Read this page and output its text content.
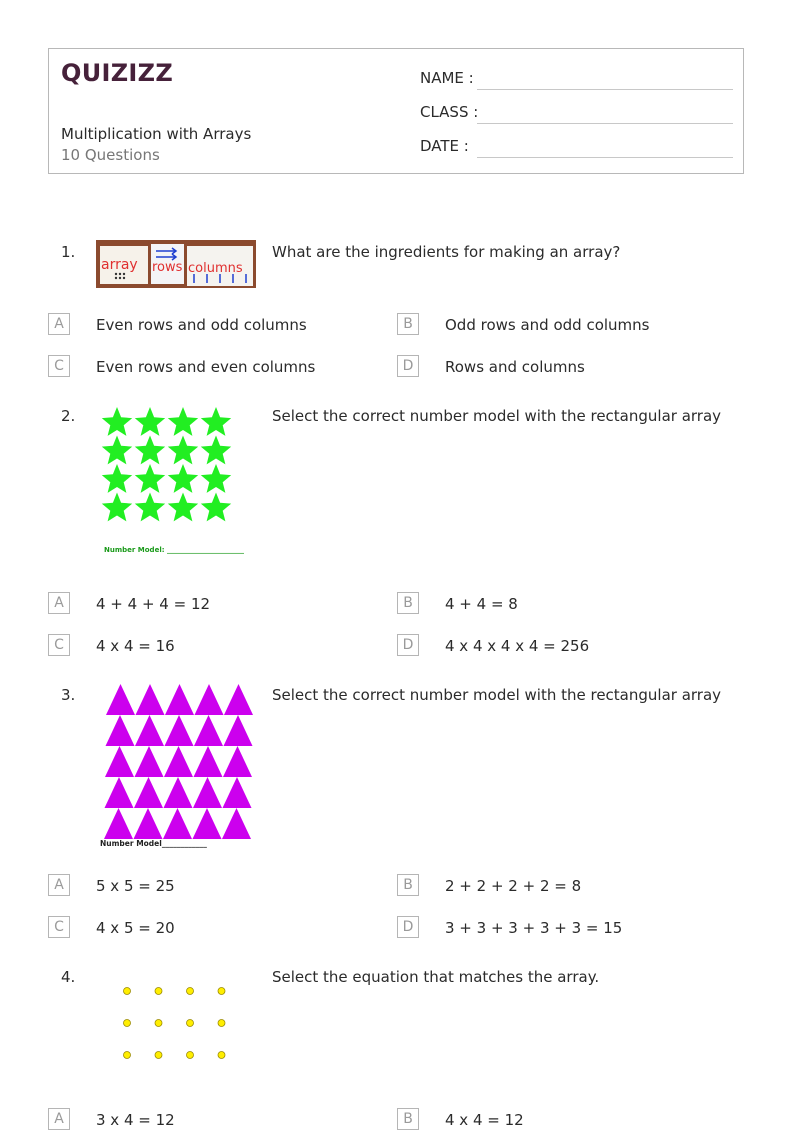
QUIZIZZ
Multiplication with Arrays
10 Questions
NAME :
CLASS :
DATE :
1.
array rows columns
What are the ingredients for making an array?
A	Even rows and odd columns	B	Odd rows and odd columns
C	Even rows and even columns	D	Rows and columns
2.
Number Model: ______________________
Select the correct number model with the rectangular array
A	4 + 4 + 4 = 12	B	4 + 4 = 8
C	4 x 4 = 16	D	4 x 4 x 4 x 4 = 256
3.
Number Model____________
Select the correct number model with the rectangular array
A	5 x 5 = 25	B	2 + 2 + 2 + 2 = 8
C	4 x 5 = 20	D	3 + 3 + 3 + 3 + 3 = 15
4.	Select the equation that matches the array.
A	3 x 4 = 12	B	4 x 4 = 12
